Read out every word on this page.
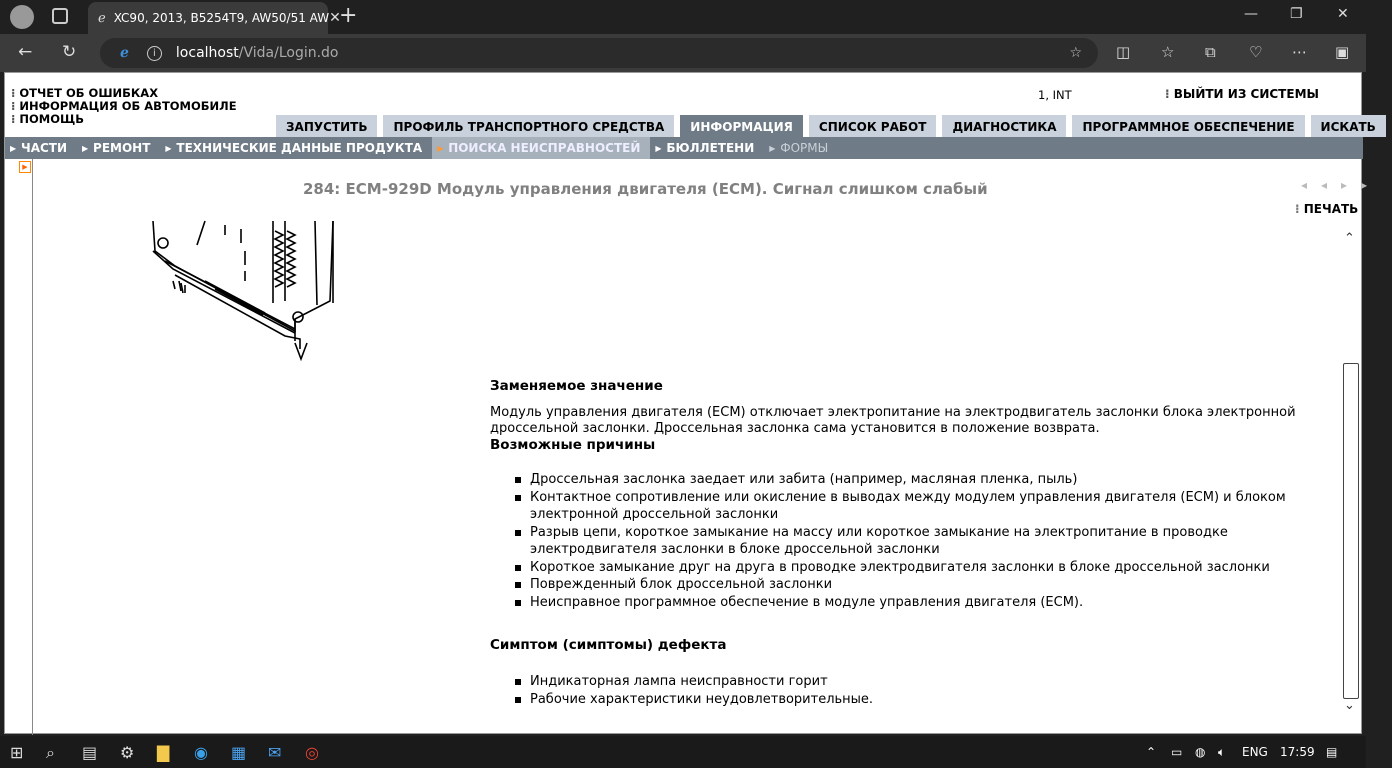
ℯ XC90, 2013, B5254T9, AW50/51 AW ✕
+	— ❐ ✕
← ↻	ℯ	i	localhost /Vida/Login.do	☆ ◫ ☆ ⧉ ♡ ⋯ ▣
⁝ ОТЧЕТ ОБ ОШИБКАХ
⁝ ИНФОРМАЦИЯ ОБ АВТОМОБИЛЕ
⁝ ПОМОЩЬ
1, INT	⁝ ВЫЙТИ ИЗ СИСТЕМЫ
ЗАПУСТИТЬ	ПРОФИЛЬ ТРАНСПОРТНОГО СРЕДСТВА	ИНФОРМАЦИЯ	СПИСОК РАБОТ	ДИАГНОСТИКА	ПРОГРАММНОЕ ОБЕСПЕЧЕНИЕ	ИСКАТЬ
▶ ЧАСТИ	▶ РЕМОНТ	▶ ТЕХНИЧЕСКИЕ ДАННЫЕ ПРОДУКТА	▶ ПОИСКА НЕИСПРАВНОСТЕЙ	▶ БЮЛЛЕТЕНИ	▶ ФОРМЫ
▶
284: ECM-929D Модуль управления двигателя (ECM). Сигнал слишком слабый	◂◂▸▸
⁝ ПЕЧАТЬ
Заменяемое значение

Модуль управления двигателя (ECM) отключает электропитание на электродвигатель заслонки блока электронной дроссельной заслонки. Дроссельная заслонка сама установится в положение возврата.

Возможные причины
Дроссельная заслонка заедает или забита (например, масляная пленка, пыль)
Контактное сопротивление или окисление в выводах между модулем управления двигателя (ECM) и блоком электронной дроссельной заслонки
Разрыв цепи, короткое замыкание на массу или короткое замыкание на электропитание в проводке электродвигателя заслонки в блоке дроссельной заслонки
Короткое замыкание друг на друга в проводке электродвигателя заслонки в блоке дроссельной заслонки
Поврежденный блок дроссельной заслонки
Неисправное программное обеспечение в модуле управления двигателя (ECM).
Симптом (симптомы) дефекта
Индикаторная лампа неисправности горит
Рабочие характеристики неудовлетворительные.
⌃
⌄
⊞ ⌕ ▤ ⚙ ▇ ◉ ▦ ✉ ◎	⌃ ▭ ◍ 🔈︎ ENG 17:59 ▤
